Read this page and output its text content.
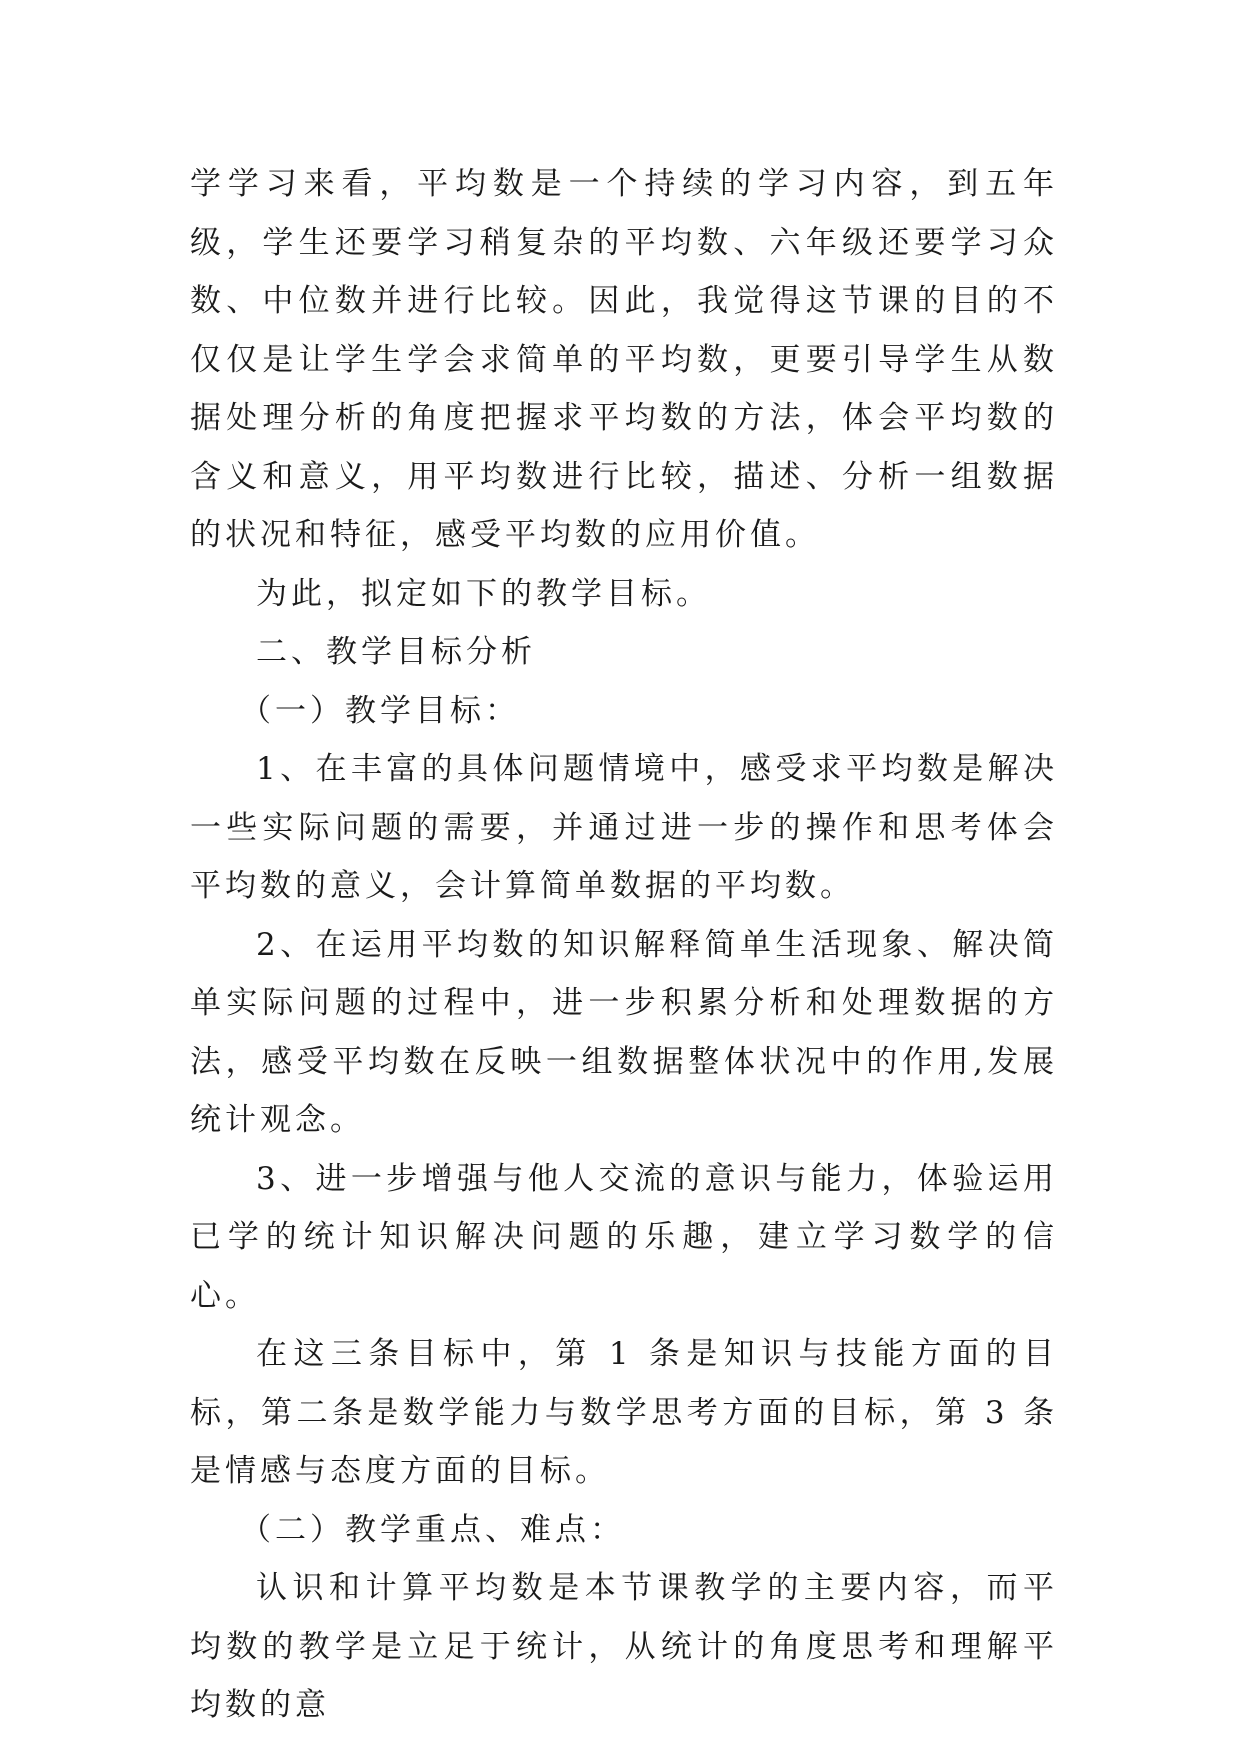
学学习来看，平均数是一个持续的学习内容，到五年级，学生还要学习稍复杂的平均数、六年级还要学习众数、中位数并进行比较。因此，我觉得这节课的目的不仅仅是让学生学会求简单的平均数，更要引导学生从数据处理分析的角度把握求平均数的方法，体会平均数的含义和意义，用平均数进行比较，描述、分析一组数据的状况和特征，感受平均数的应用价值。

为此，拟定如下的教学目标。

二、教学目标分析

（一）教学目标：

1、在丰富的具体问题情境中，感受求平均数是解决一些实际问题的需要，并通过进一步的操作和思考体会平均数的意义，会计算简单数据的平均数。

2、在运用平均数的知识解释简单生活现象、解决简单实际问题的过程中，进一步积累分析和处理数据的方法，感受平均数在反映一组数据整体状况中的作用,发展统计观念。

3、进一步增强与他人交流的意识与能力，体验运用已学的统计知识解决问题的乐趣，建立学习数学的信心。

在这三条目标中，第 1 条是知识与技能方面的目标，第二条是数学能力与数学思考方面的目标，第 3 条是情感与态度方面的目标。

（二）教学重点、难点：

认识和计算平均数是本节课教学的主要内容，而平均数的教学是立足于统计，从统计的角度思考和理解平均数的意
